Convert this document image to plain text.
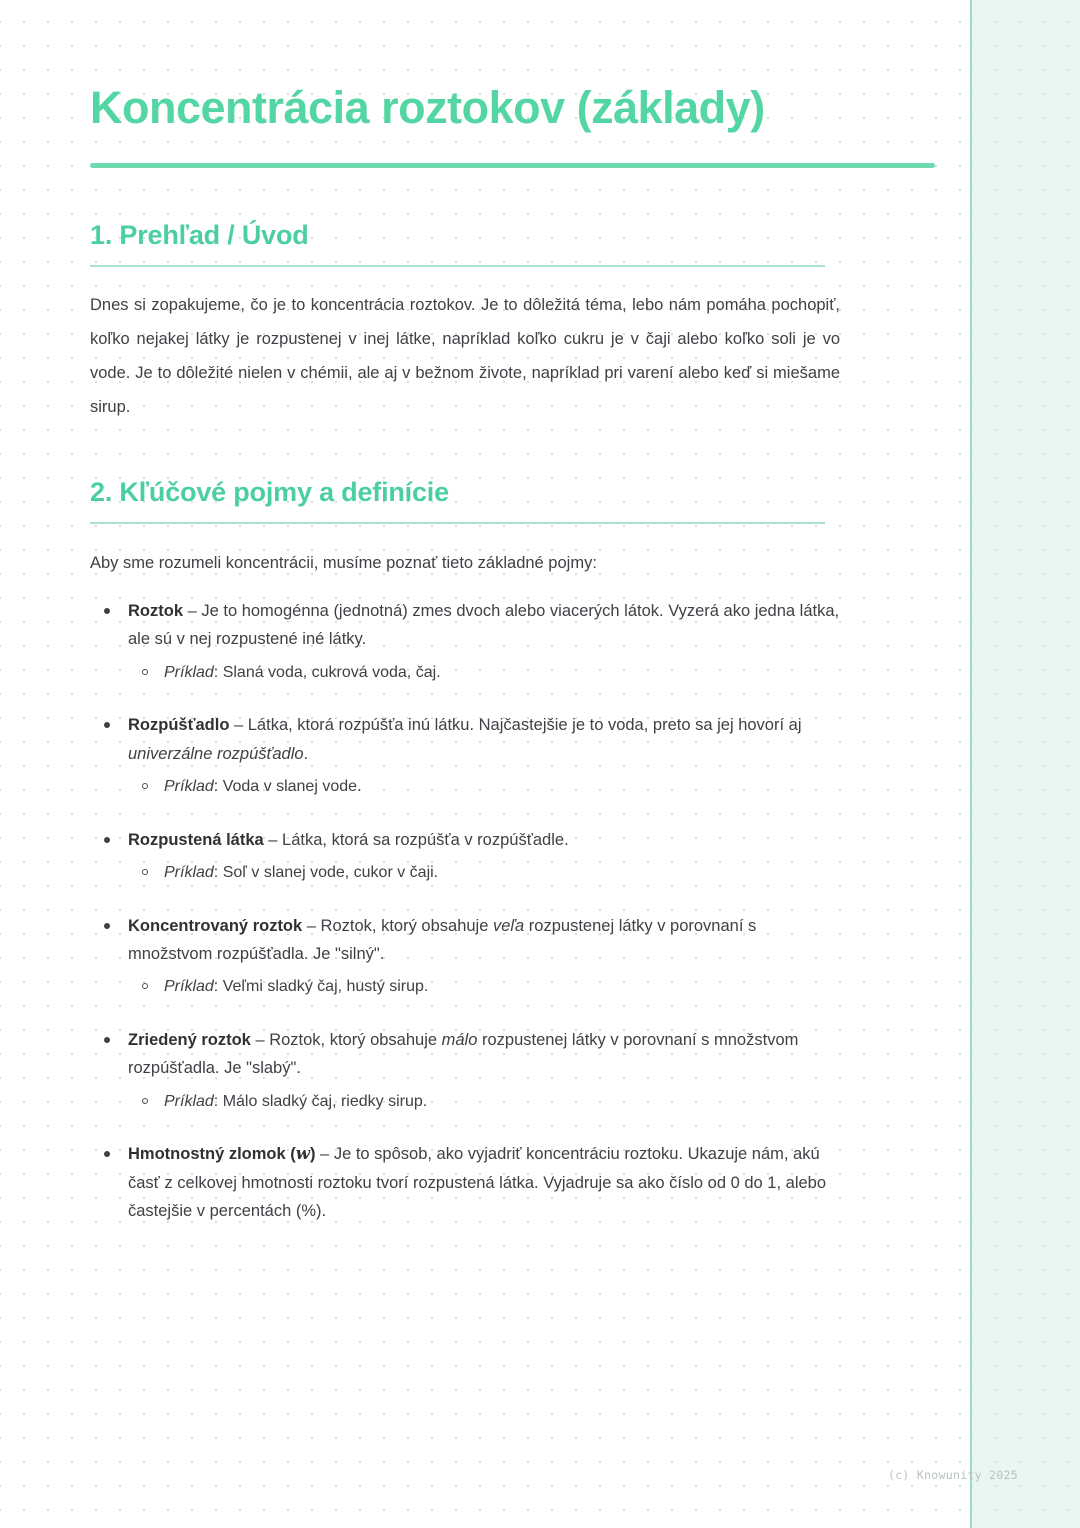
Koncentrácia roztokov (základy)
1. Prehľad / Úvod

Dnes si zopakujeme, čo je to koncentrácia roztokov. Je to dôležitá téma, lebo nám pomáha pochopiť, koľko nejakej látky je rozpustenej v inej látke, napríklad koľko cukru je v čaji alebo koľko soli je vo vode. Je to dôležité nielen v chémii, ale aj v bežnom živote, napríklad pri varení alebo keď si miešame sirup.

2. Kľúčové pojmy a definície

Aby sme rozumeli koncentrácii, musíme poznať tieto základné pojmy:

Roztok – Je to homogénna (jednotná) zmes dvoch alebo viacerých látok. Vyzerá ako jedna látka, ale sú v nej rozpustené iné látky.
Príklad: Slaná voda, cukrová voda, čaj.
Rozpúšťadlo – Látka, ktorá rozpúšťa inú látku. Najčastejšie je to voda, preto sa jej hovorí aj univerzálne rozpúšťadlo.
Príklad: Voda v slanej vode.
Rozpustená látka – Látka, ktorá sa rozpúšťa v rozpúšťadle.
Príklad: Soľ v slanej vode, cukor v čaji.
Koncentrovaný roztok – Roztok, ktorý obsahuje veľa rozpustenej látky v porovnaní s množstvom rozpúšťadla. Je "silný".
Príklad: Veľmi sladký čaj, hustý sirup.
Zriedený roztok – Roztok, ktorý obsahuje málo rozpustenej látky v porovnaní s množstvom rozpúšťadla. Je "slabý".
Príklad: Málo sladký čaj, riedky sirup.
Hmotnostný zlomok (w) – Je to spôsob, ako vyjadriť koncentráciu roztoku. Ukazuje nám, akú časť z celkovej hmotnosti roztoku tvorí rozpustená látka. Vyjadruje sa ako číslo od 0 do 1, alebo častejšie v percentách (%).
(c) Knowunity 2025
